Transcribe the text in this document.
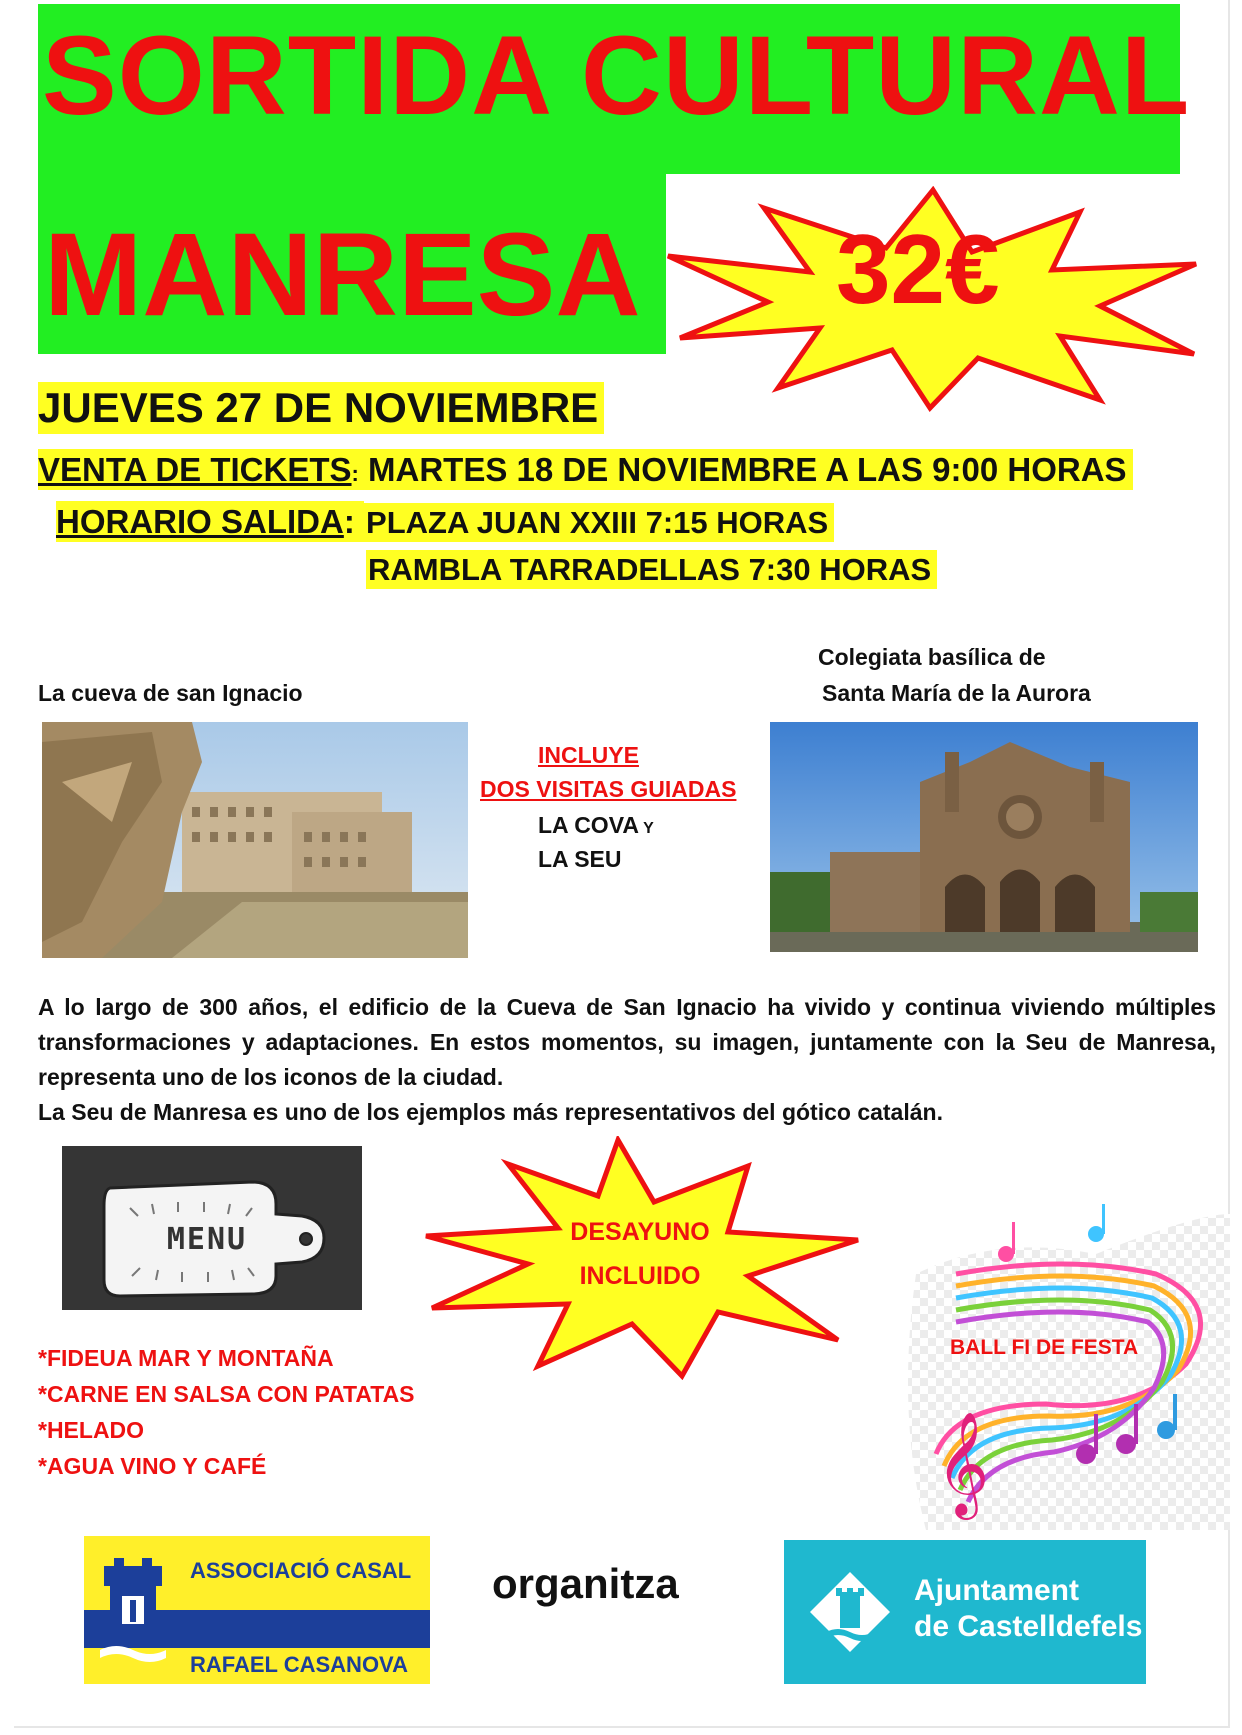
SORTIDA CULTURAL
MANRESA 32€
JUEVES 27 DE NOVIEMBRE
VENTA DE TICKETS: MARTES 18 DE NOVIEMBRE A LAS 9:00 HORAS
HORARIO SALIDA: PLAZA JUAN XXIII 7:15 HORAS
RAMBLA TARRADELLAS 7:30 HORAS
La cueva de san Ignacio
Colegiata basílica de
Santa María de la Aurora
INCLUYE
DOS VISITAS GUIADAS
LA COVA Y
LA SEU

A lo largo de 300 años, el edificio de la Cueva de San Ignacio ha vivido y continua viviendo múltiples transformaciones y adaptaciones. En estos momentos, su imagen, juntamente con la Seu de Manresa, representa uno de los iconos de la ciudad.

La Seu de Manresa es uno de los ejemplos más representativos del gótico catalán.

MENU
*FIDEUA MAR Y MONTAÑA
*CARNE EN SALSA CON PATATAS
*HELADO
*AGUA VINO Y CAFÉ
DESAYUNO
INCLUIDO
𝄞
BALL FI DE FESTA
ASSOCIACIÓ CASAL
RAFAEL CASANOVA
organitza	Ajuntament
de Castelldefels
